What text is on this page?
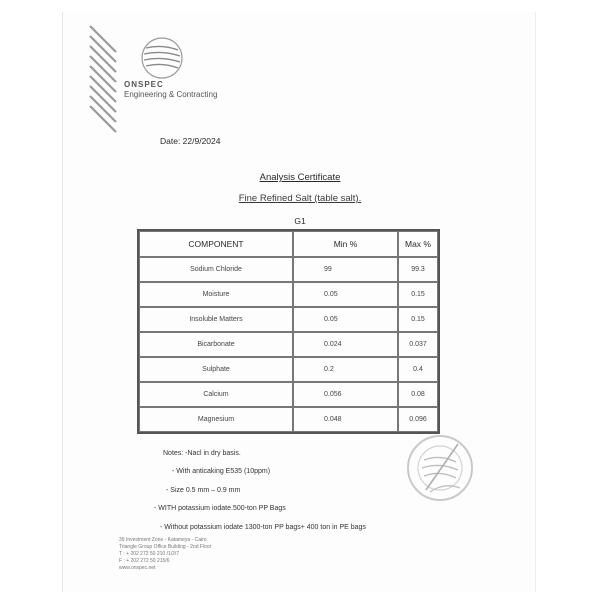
ONSPEC
Engineering & Contracting
Date: 22/9/2024
Analysis Certificate
Fine Refined Salt (table salt).
G1
COMPONENT	Min %	Max %
Sodium Chloride	99	99.3
Moisture	0.05	0.15
Insoluble Matters	0.05	0.15
Bicarbonate	0.024	0.037
Sulphate	0.2	0.4
Calcium	0.056	0.08
Magnesium	0.048	0.096
Notes: -Nacl in dry basis.
- With anticaking E535 (10ppm)
- Size 0.5 mm – 0.9 mm
- WITH potassium iodate.500-ton PP Bags
- Without potassium iodate 1300-ton PP bags+ 400 ton in PE bags
39 Investment Zone - Katameya - Cairo
Triangle Group Office Building - 2nd Floor
T : + 202 272 50 210 /1/2/7
F : + 202 272 50 215/6
www.onspec.net
